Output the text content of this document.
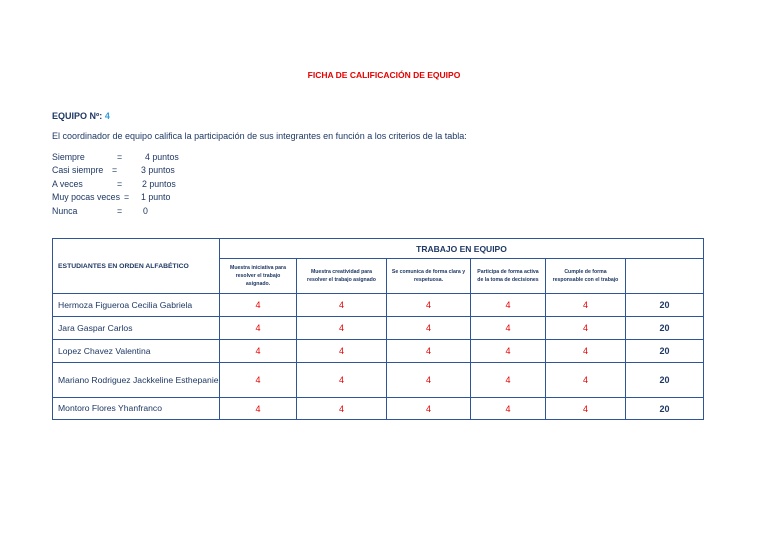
FICHA DE CALIFICACIÓN DE EQUIPO
EQUIPO Nº: 4
El coordinador de equipo califica la participación de sus integrantes en función a los criterios de la tabla:
Siempre	=	4 puntos
Casi siempre =	3 puntos
A veces	= 2 puntos
Muy pocas veces = 1 punto
Nunca	= 0
ESTUDIANTES EN ORDEN ALFABÉTICO	TRABAJO EN EQUIPO					
	Muestra iniciativa para resolver el trabajo asignado.	Muestra creatividad para resolver el trabajo asignado	Se comunica de forma clara y respetuosa.	Participa de forma activa de la toma de decisiones	Cumple de forma responsable con el trabajo	
Hermoza Figueroa Cecilia Gabriela	4	4	4	4	4	20
Jara Gaspar Carlos	4	4	4	4	4	20
Lopez Chavez Valentina	4	4	4	4	4	20
Mariano Rodriguez Jackkeline Esthepanie	4	4	4	4	4	20
Montoro Flores Yhanfranco	4	4	4	4	4	20
